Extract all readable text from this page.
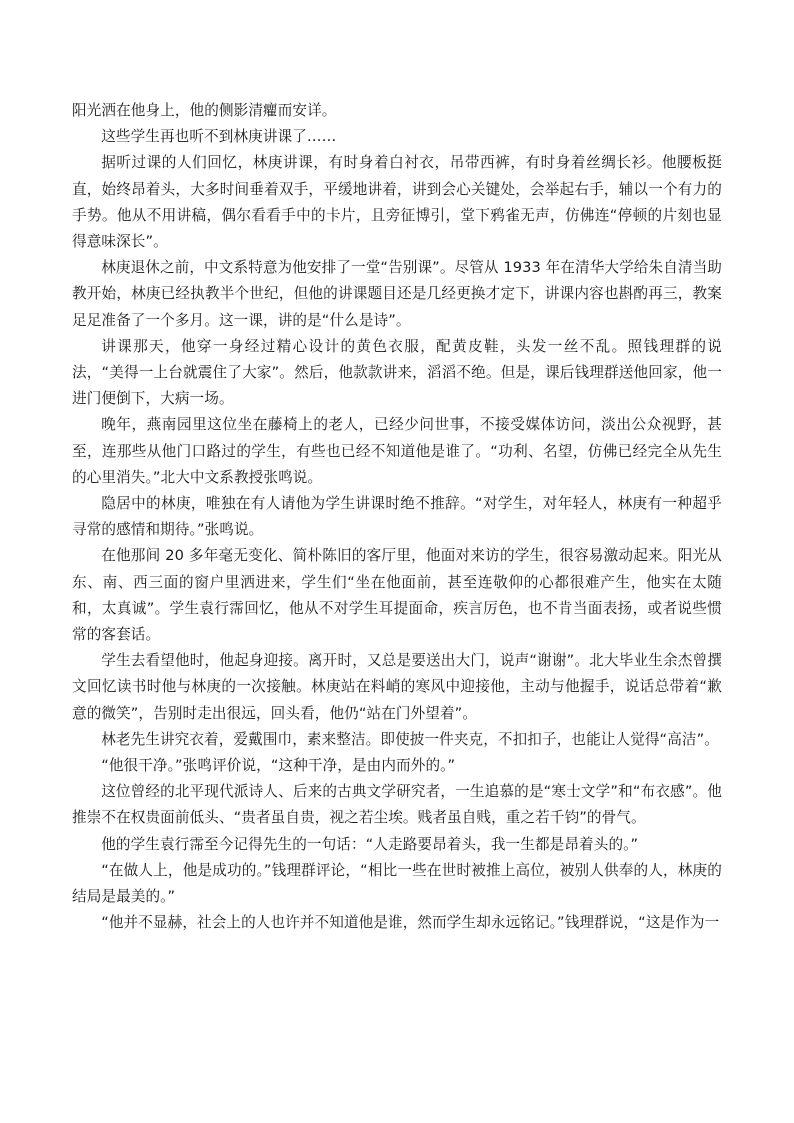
阳光洒在他身上，他的侧影清癯而安详。

这些学生再也听不到林庚讲课了……

据听过课的人们回忆，林庚讲课，有时身着白衬衣，吊带西裤，有时身着丝绸长衫。他腰板挺直，始终昂着头，大多时间垂着双手，平缓地讲着，讲到会心关键处，会举起右手，辅以一个有力的手势。他从不用讲稿，偶尔看看手中的卡片，且旁征博引，堂下鸦雀无声，仿佛连“停顿的片刻也显得意味深长”。

林庚退休之前，中文系特意为他安排了一堂“告别课”。尽管从 1933 年在清华大学给朱自清当助教开始，林庚已经执教半个世纪，但他的讲课题目还是几经更换才定下，讲课内容也斟酌再三，教案足足准备了一个多月。这一课，讲的是“什么是诗”。

讲课那天，他穿一身经过精心设计的黄色衣服，配黄皮鞋，头发一丝不乱。照钱理群的说法，“美得一上台就震住了大家”。然后，他款款讲来，滔滔不绝。但是，课后钱理群送他回家，他一进门便倒下，大病一场。

晚年，燕南园里这位坐在藤椅上的老人，已经少问世事，不接受媒体访问，淡出公众视野，甚至，连那些从他门口路过的学生，有些也已经不知道他是谁了。“功利、名望，仿佛已经完全从先生的心里消失。”北大中文系教授张鸣说。

隐居中的林庚，唯独在有人请他为学生讲课时绝不推辞。“对学生，对年轻人，林庚有一种超乎寻常的感情和期待。”张鸣说。

在他那间 20 多年毫无变化、简朴陈旧的客厅里，他面对来访的学生，很容易激动起来。阳光从东、南、西三面的窗户里洒进来，学生们“坐在他面前，甚至连敬仰的心都很难产生，他实在太随和，太真诚”。学生袁行霈回忆，他从不对学生耳提面命，疾言厉色，也不肯当面表扬，或者说些惯常的客套话。

学生去看望他时，他起身迎接。离开时，又总是要送出大门，说声“谢谢”。北大毕业生余杰曾撰文回忆读书时他与林庚的一次接触。林庚站在料峭的寒风中迎接他，主动与他握手，说话总带着“歉意的微笑”，告别时走出很远，回头看，他仍“站在门外望着”。

林老先生讲究衣着，爱戴围巾，素来整洁。即使披一件夹克，不扣扣子，也能让人觉得“高洁”。

“他很干净。”张鸣评价说，“这种干净，是由内而外的。”

这位曾经的北平现代派诗人、后来的古典文学研究者，一生追慕的是“寒士文学”和“布衣感”。他推崇不在权贵面前低头、“贵者虽自贵，视之若尘埃。贱者虽自贱，重之若千钧”的骨气。

他的学生袁行霈至今记得先生的一句话：“人走路要昂着头，我一生都是昂着头的。”

“在做人上，他是成功的。”钱理群评论，“相比一些在世时被推上高位，被别人供奉的人，林庚的结局是最美的。”

“他并不显赫，社会上的人也许并不知道他是谁，然而学生却永远铭记。”钱理群说，“这是作为一
